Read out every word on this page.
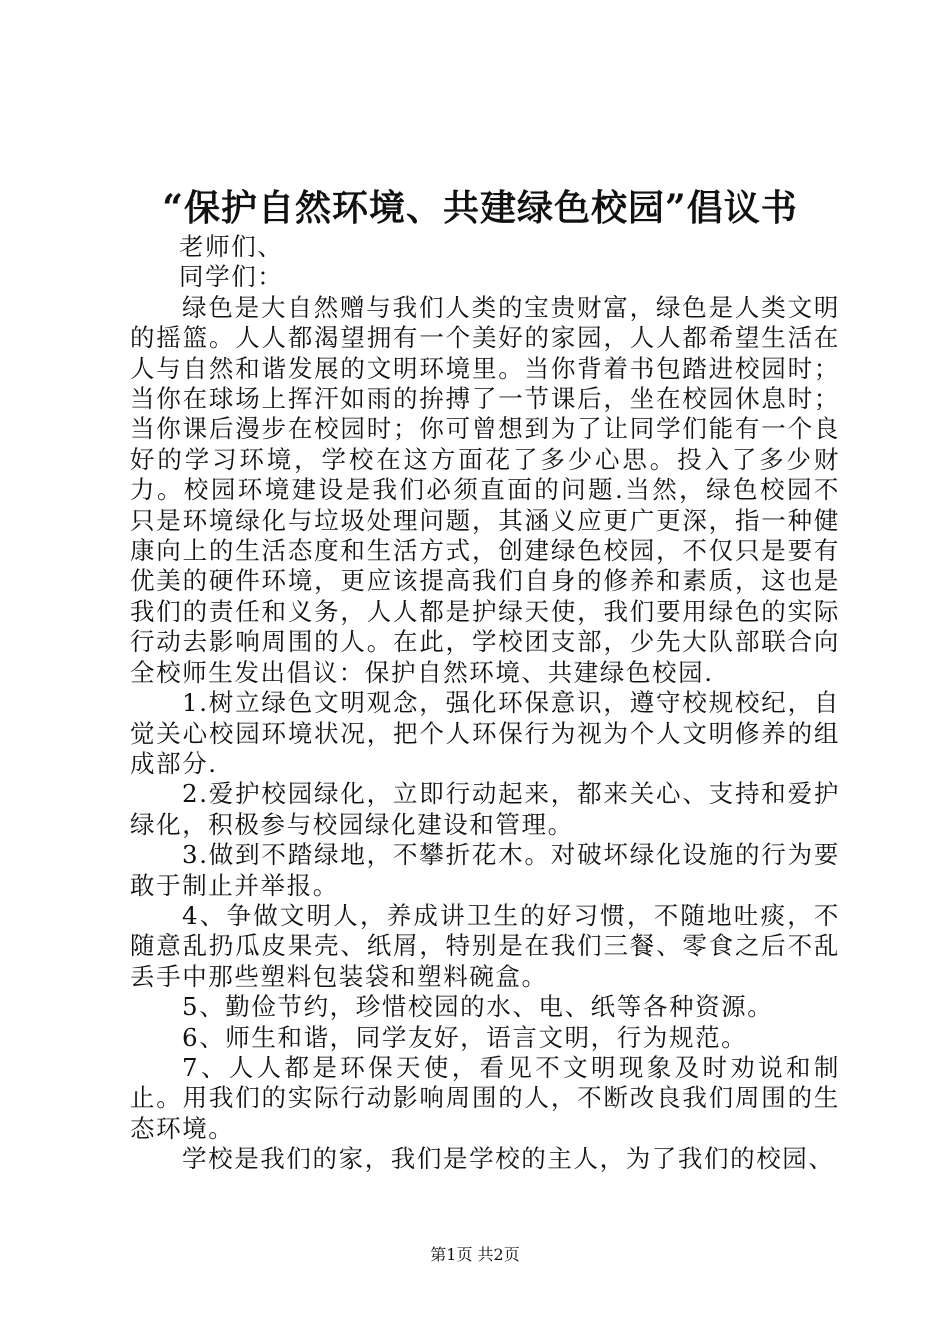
“保护自然环境、共建绿色校园”倡议书

老师们、

同学们：

绿色是大自然赠与我们人类的宝贵财富，绿色是人类文明的摇篮。人人都渴望拥有一个美好的家园，人人都希望生活在人与自然和谐发展的文明环境里。当你背着书包踏进校园时；当你在球场上挥汗如雨的拚搏了一节课后，坐在校园休息时；当你课后漫步在校园时；你可曾想到为了让同学们能有一个良好的学习环境，学校在这方面花了多少心思。投入了多少财力。校园环境建设是我们必须直面的问题.当然，绿色校园不只是环境绿化与垃圾处理问题，其涵义应更广更深，指一种健康向上的生活态度和生活方式，创建绿色校园，不仅只是要有优美的硬件环境，更应该提高我们自身的修养和素质，这也是我们的责任和义务，人人都是护绿天使，我们要用绿色的实际行动去影响周围的人。在此，学校团支部，少先大队部联合向全校师生发出倡议：保护自然环境、共建绿色校园.

1.树立绿色文明观念，强化环保意识，遵守校规校纪，自觉关心校园环境状况，把个人环保行为视为个人文明修养的组成部分.

2.爱护校园绿化，立即行动起来，都来关心、支持和爱护绿化，积极参与校园绿化建设和管理。

3.做到不踏绿地，不攀折花木。对破坏绿化设施的行为要敢于制止并举报。

4、争做文明人，养成讲卫生的好习惯，不随地吐痰，不随意乱扔瓜皮果壳、纸屑，特别是在我们三餐、零食之后不乱丢手中那些塑料包装袋和塑料碗盒。

5、勤俭节约，珍惜校园的水、电、纸等各种资源。

6、师生和谐，同学友好，语言文明，行为规范。

7、人人都是环保天使，看见不文明现象及时劝说和制止。用我们的实际行动影响周围的人，不断改良我们周围的生态环境。

学校是我们的家，我们是学校的主人，为了我们的校园、

第1页 共2页
